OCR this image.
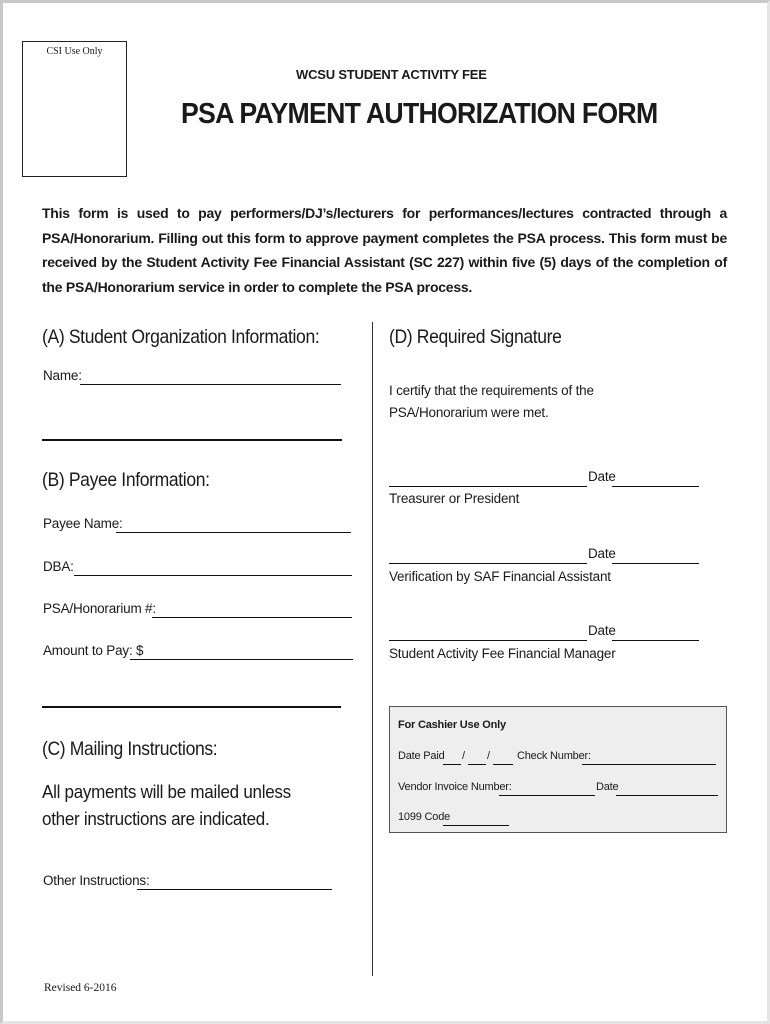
CSI Use Only
WCSU STUDENT ACTIVITY FEE
PSA PAYMENT AUTHORIZATION FORM
This form is used to pay performers/DJ’s/lecturers for performances/lectures contracted through a PSA/Honorarium. Filling out this form to approve payment completes the PSA process. This form must be received by the Student Activity Fee Financial Assistant (SC 227) within five (5) days of the completion of the PSA/Honorarium service in order to complete the PSA process.
(A) Student Organization Information:
Name:
(B) Payee Information:
Payee Name:
DBA:
PSA/Honorarium #:
Amount to Pay: $
(C) Mailing Instructions:
All payments will be mailed unless other instructions are indicated.
Other Instructions:
(D) Required Signature
I certify that the requirements of the PSA/Honorarium were met.
Date
Treasurer or President
Date
Verification by SAF Financial Assistant
Date
Student Activity Fee Financial Manager
For Cashier Use Only
Date Paid / / Check Number:
Vendor Invoice Number:	Date
1099 Code
Revised 6-2016
